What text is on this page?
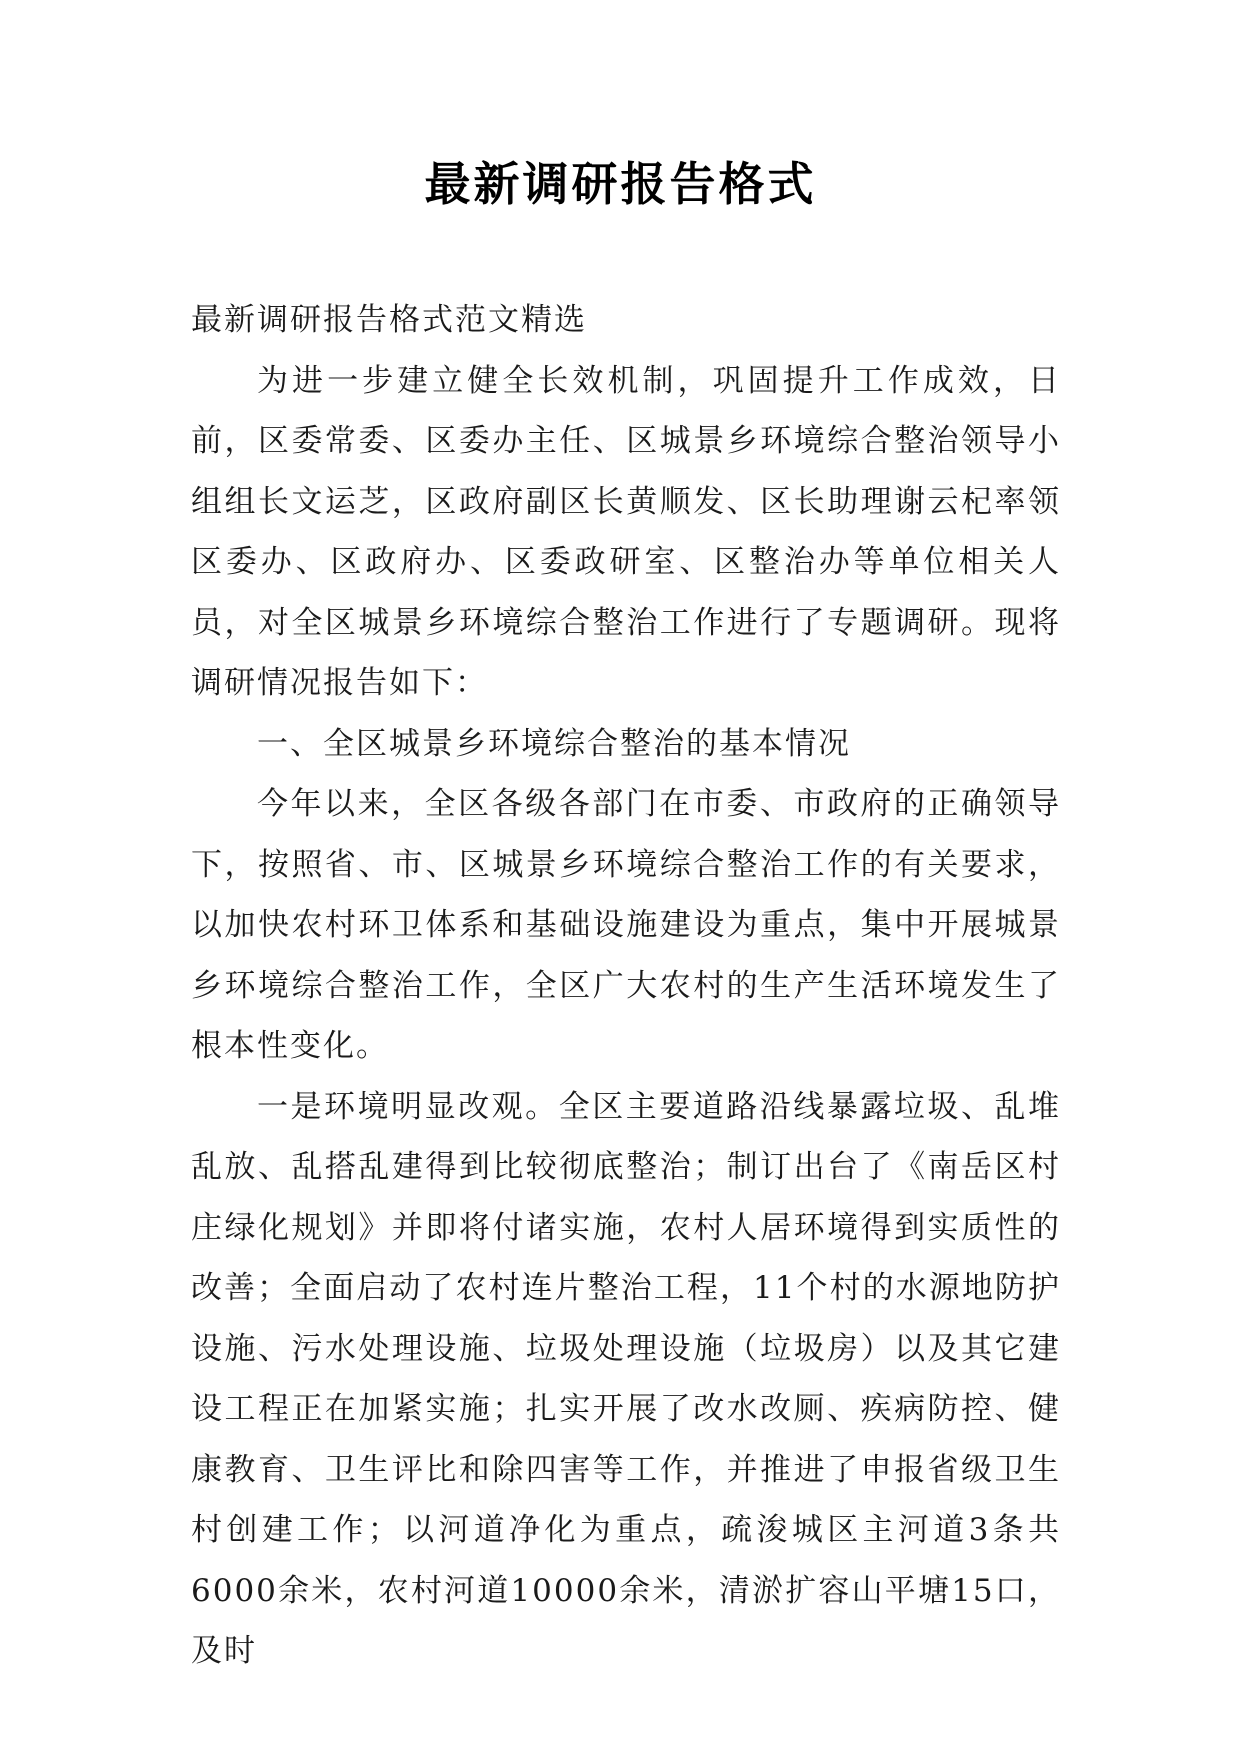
最新调研报告格式

最新调研报告格式范文精选

为进一步建立健全长效机制，巩固提升工作成效，日前，区委常委、区委办主任、区城景乡环境综合整治领导小组组长文运芝，区政府副区长黄顺发、区长助理谢云杞率领区委办、区政府办、区委政研室、区整治办等单位相关人员，对全区城景乡环境综合整治工作进行了专题调研。现将调研情况报告如下：

一、全区城景乡环境综合整治的基本情况

今年以来，全区各级各部门在市委、市政府的正确领导下，按照省、市、区城景乡环境综合整治工作的有关要求，以加快农村环卫体系和基础设施建设为重点，集中开展城景乡环境综合整治工作，全区广大农村的生产生活环境发生了根本性变化。

一是环境明显改观。全区主要道路沿线暴露垃圾、乱堆乱放、乱搭乱建得到比较彻底整治；制订出台了《南岳区村庄绿化规划》并即将付诸实施，农村人居环境得到实质性的改善；全面启动了农村连片整治工程，11个村的水源地防护设施、污水处理设施、垃圾处理设施（垃圾房）以及其它建设工程正在加紧实施；扎实开展了改水改厕、疾病防控、健康教育、卫生评比和除四害等工作，并推进了申报省级卫生村创建工作；以河道净化为重点，疏浚城区主河道3条共6000余米，农村河道10000余米，清淤扩容山平塘15口，及时
